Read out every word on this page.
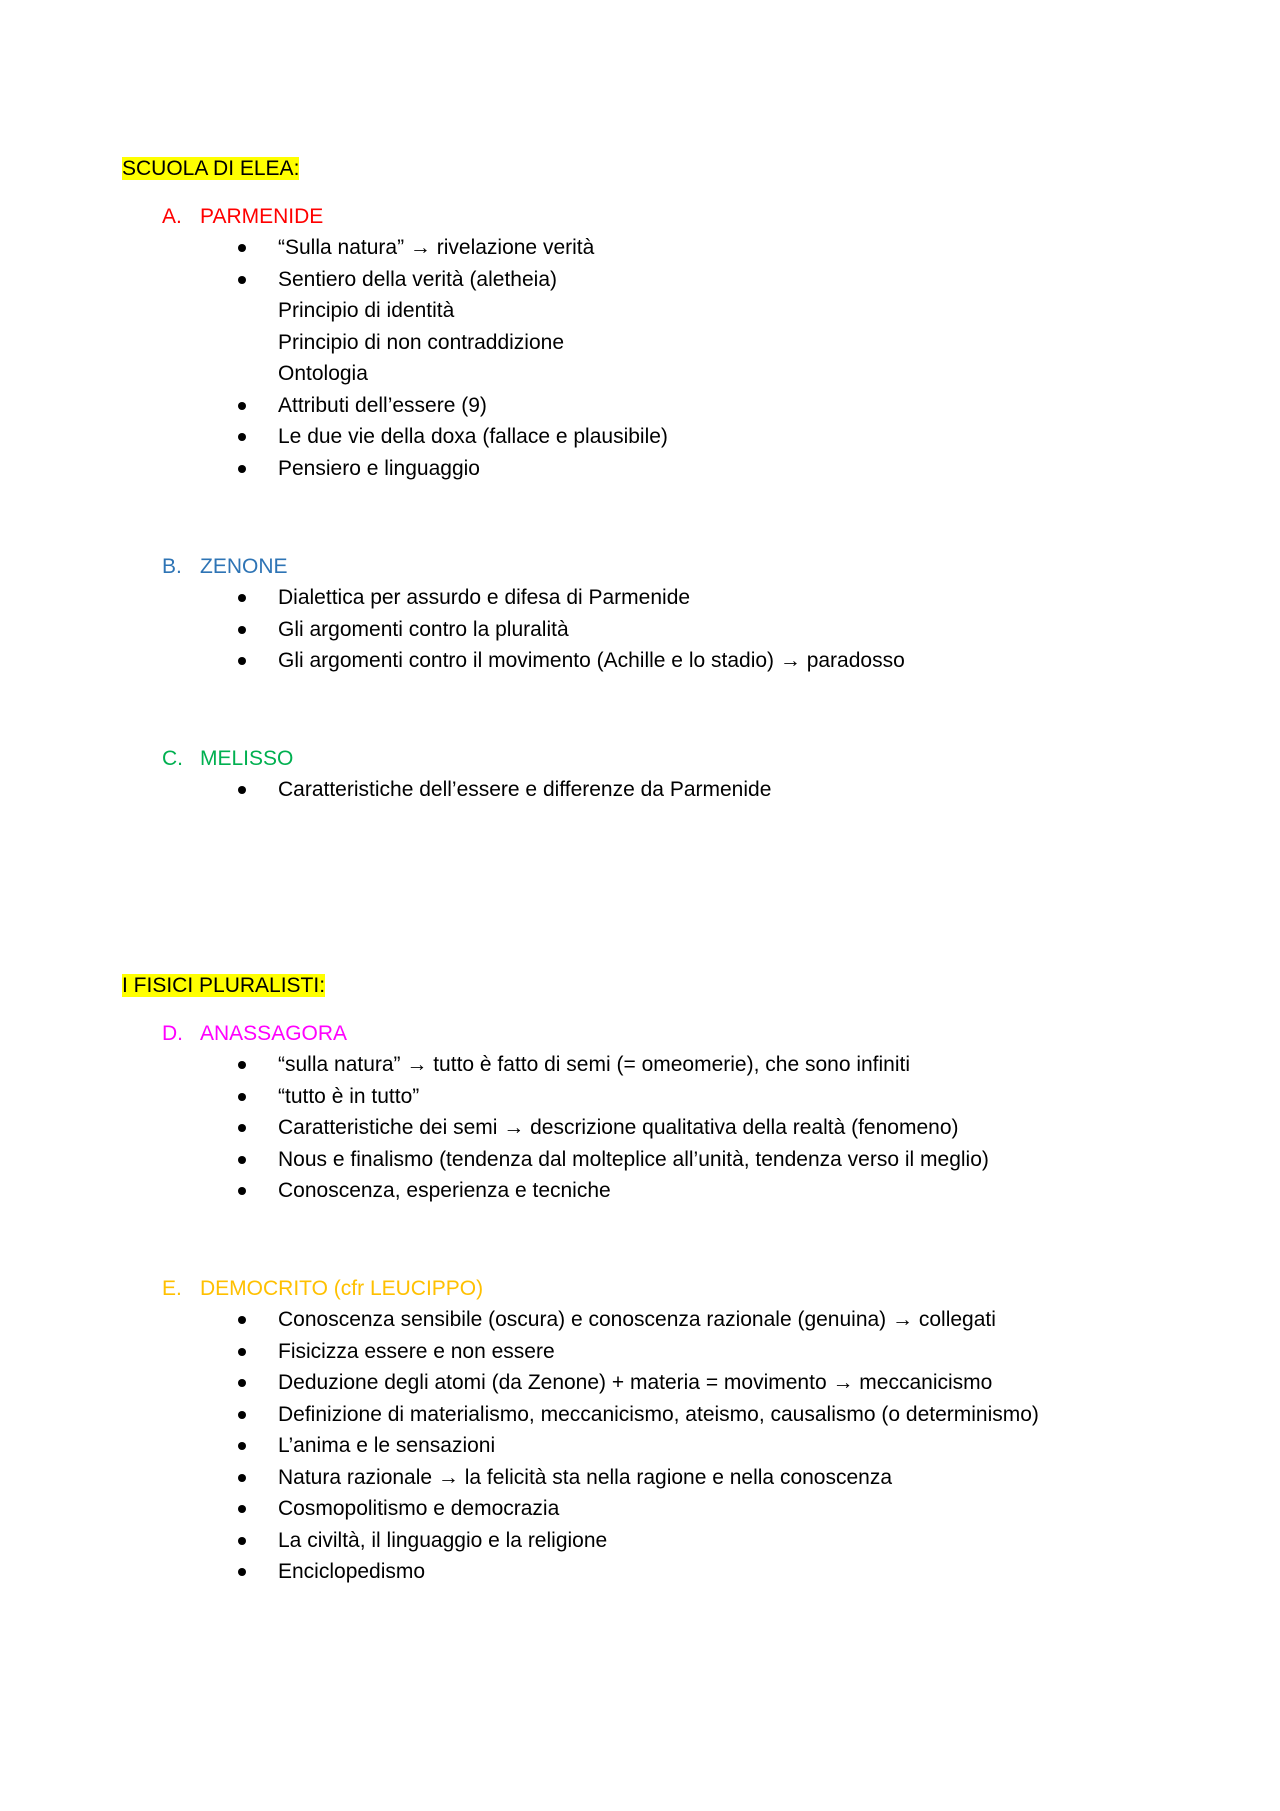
SCUOLA DI ELEA:
A. PARMENIDE
“Sulla natura” → rivelazione verità
Sentiero della verità (aletheia)
Principio di identità
Principio di non contraddizione
Ontologia
Attributi dell’essere (9)
Le due vie della doxa (fallace e plausibile)
Pensiero e linguaggio
B. ZENONE
Dialettica per assurdo e difesa di Parmenide
Gli argomenti contro la pluralità
Gli argomenti contro il movimento (Achille e lo stadio) → paradosso
C. MELISSO
Caratteristiche dell’essere e differenze da Parmenide
I FISICI PLURALISTI:
D. ANASSAGORA
“sulla natura” → tutto è fatto di semi (= omeomerie), che sono infiniti
“tutto è in tutto”
Caratteristiche dei semi → descrizione qualitativa della realtà (fenomeno)
Nous e finalismo (tendenza dal molteplice all’unità, tendenza verso il meglio)
Conoscenza, esperienza e tecniche
E. DEMOCRITO (cfr LEUCIPPO)
Conoscenza sensibile (oscura) e conoscenza razionale (genuina) → collegati
Fisicizza essere e non essere
Deduzione degli atomi (da Zenone) + materia = movimento → meccanicismo
Definizione di materialismo, meccanicismo, ateismo, causalismo (o determinismo)
L’anima e le sensazioni
Natura razionale → la felicità sta nella ragione e nella conoscenza
Cosmopolitismo e democrazia
La civiltà, il linguaggio e la religione
Enciclopedismo
